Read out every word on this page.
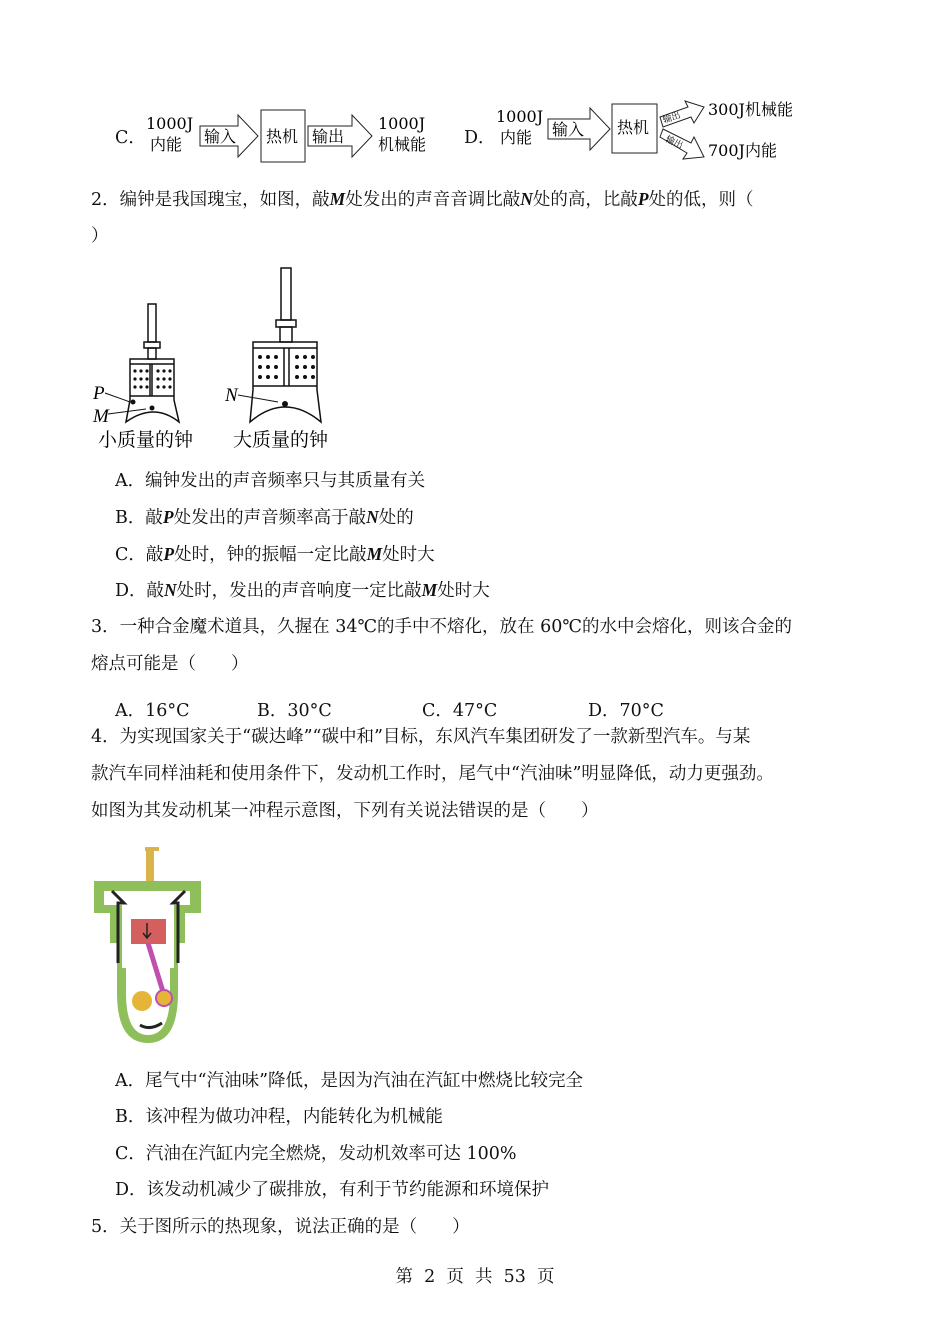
C．
1000J
内能 输入 热机 输出
1000J
机械能 D．
1000J
内能 输入 热机 输出
输出
300J机械能
700J内能
2．编钟是我国瑰宝，如图，敲M处发出的声音音调比敲N处的高，比敲P处的低，则（
）
P
M
N
小质量的钟 大质量的钟
A．编钟发出的声音频率只与其质量有关
B．敲P处发出的声音频率高于敲N处的
C．敲P处时，钟的振幅一定比敲M处时大
D．敲N处时，发出的声音响度一定比敲M处时大
3．一种合金魔术道具，久握在 34℃的手中不熔化，放在 60℃的水中会熔化，则该合金的
熔点可能是（　　）
A．16°C	B．30°C	C．47°C	D．70°C
4．为实现国家关于“碳达峰”“碳中和”目标，东风汽车集团研发了一款新型汽车。与某
款汽车同样油耗和使用条件下，发动机工作时，尾气中“汽油味”明显降低，动力更强劲。
如图为其发动机某一冲程示意图，下列有关说法错误的是（　　）
A．尾气中“汽油味”降低，是因为汽油在汽缸中燃烧比较完全
B．该冲程为做功冲程，内能转化为机械能
C．汽油在汽缸内完全燃烧，发动机效率可达 100%
D．该发动机减少了碳排放，有利于节约能源和环境保护
5．关于图所示的热现象，说法正确的是（　　）
第  2  页  共  53  页
